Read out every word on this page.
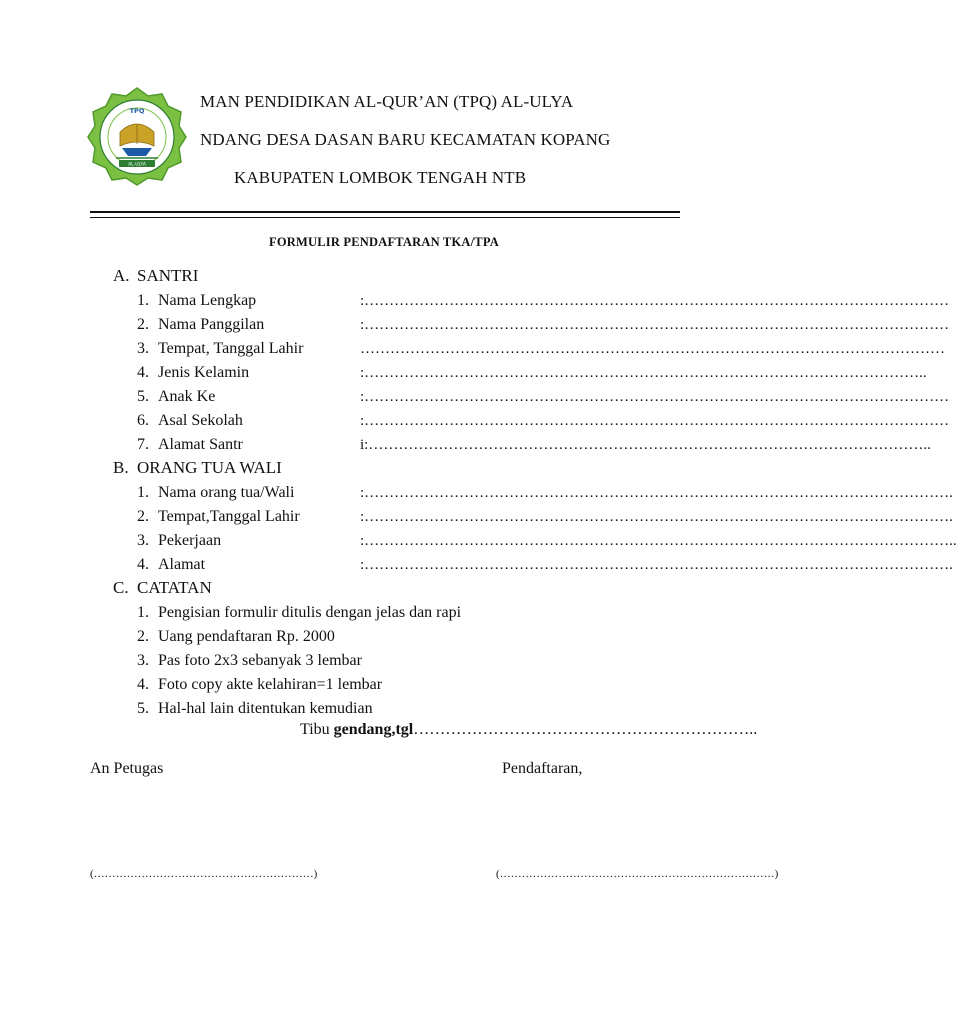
TPQ
AL-ULYA
MAN PENDIDIKAN AL-QUR’AN (TPQ) AL-ULYA
NDANG DESA DASAN BARU KECAMATAN KOPANG
KABUPATEN LOMBOK TENGAH NTB
FORMULIR PENDAFTARAN TKA/TPA
A. SANTRI
1. Nama Lengkap	:………………………………………………………………………………………………………
2. Nama Panggilan	:………………………………………………………………………………………………………
3. Tempat, Tanggal Lahir	………………………………………………………………………………………………………
4. Jenis Kelamin	:…………………………………………………………………………………………………..
5. Anak Ke	:………………………………………………………………………………………………………
6. Asal Sekolah	:………………………………………………………………………………………………………
7. Alamat Santr	i:…………………………………………………………………………………………………..
B. ORANG TUA WALI
1. Nama orang tua/Wali	:……………………………………………………………………………………………………….
2. Tempat,Tanggal Lahir	:……………………………………………………………………………………………………….
3. Pekerjaan	:………………………………………………………………………………………………………..
4. Alamat	:……………………………………………………………………………………………………….
C. CATATAN
1. Pengisian formulir ditulis dengan jelas dan rapi
2. Uang pendaftaran Rp. 2000
3. Pas foto 2x3 sebanyak 3 lembar
4. Foto copy akte kelahiran=1 lembar
5. Hal-hal lain ditentukan kemudian
Tibu gendang,tgl………………………………………………………..
An Petugas	Pendaftaran,
(……………………………………………………)	(…………………………………………………………………)
